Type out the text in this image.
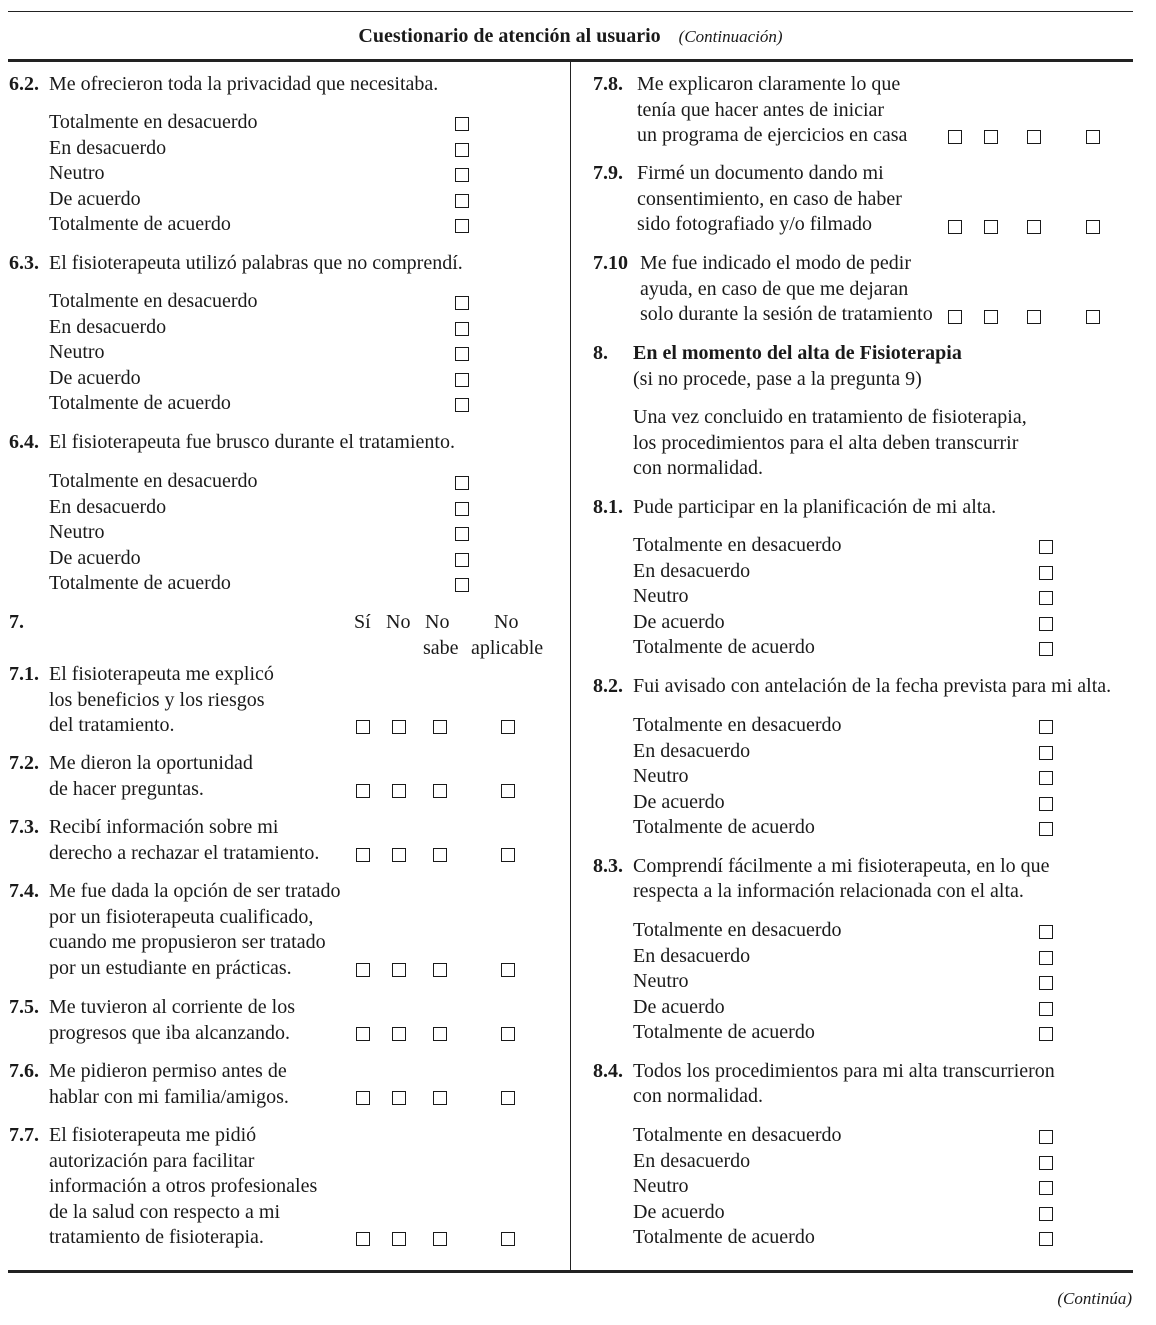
Cuestionario de atención al usuario (Continuación)
6.2. Me ofrecieron toda la privacidad que necesitaba.
Totalmente en desacuerdo
En desacuerdo
Neutro
De acuerdo
Totalmente de acuerdo
6.3. El fisioterapeuta utilizó palabras que no comprendí.
Totalmente en desacuerdo
En desacuerdo
Neutro
De acuerdo
Totalmente de acuerdo
6.4. El fisioterapeuta fue brusco durante el tratamiento.
Totalmente en desacuerdo
En desacuerdo
Neutro
De acuerdo
Totalmente de acuerdo
7.	Sí No No
sabe
No
aplicable
7.1. El fisioterapeuta me explicó
los beneficios y los riesgos
del tratamiento.
7.2. Me dieron la oportunidad
de hacer preguntas.
7.3. Recibí información sobre mi
derecho a rechazar el tratamiento.
7.4. Me fue dada la opción de ser tratado
por un fisioterapeuta cualificado,
cuando me propusieron ser tratado
por un estudiante en prácticas.
7.5. Me tuvieron al corriente de los
progresos que iba alcanzando.
7.6. Me pidieron permiso antes de
hablar con mi familia/amigos.
7.7. El fisioterapeuta me pidió
autorización para facilitar
información a otros profesionales
de la salud con respecto a mi
tratamiento de fisioterapia.
7.8. Me explicaron claramente lo que
tenía que hacer antes de iniciar
un programa de ejercicios en casa
7.9. Firmé un documento dando mi
consentimiento, en caso de haber
sido fotografiado y/o filmado
7.10 Me fue indicado el modo de pedir
ayuda, en caso de que me dejaran
solo durante la sesión de tratamiento
8. En el momento del alta de Fisioterapia
(si no procede, pase a la pregunta 9)
Una vez concluido en tratamiento de fisioterapia,
los procedimientos para el alta deben transcurrir
con normalidad.
8.1. Pude participar en la planificación de mi alta.
Totalmente en desacuerdo
En desacuerdo
Neutro
De acuerdo
Totalmente de acuerdo
8.2. Fui avisado con antelación de la fecha prevista para mi alta.
Totalmente en desacuerdo
En desacuerdo
Neutro
De acuerdo
Totalmente de acuerdo
8.3. Comprendí fácilmente a mi fisioterapeuta, en lo que
respecta a la información relacionada con el alta.
Totalmente en desacuerdo
En desacuerdo
Neutro
De acuerdo
Totalmente de acuerdo
8.4. Todos los procedimientos para mi alta transcurrieron
con normalidad.
Totalmente en desacuerdo
En desacuerdo
Neutro
De acuerdo
Totalmente de acuerdo
(Continúa)
